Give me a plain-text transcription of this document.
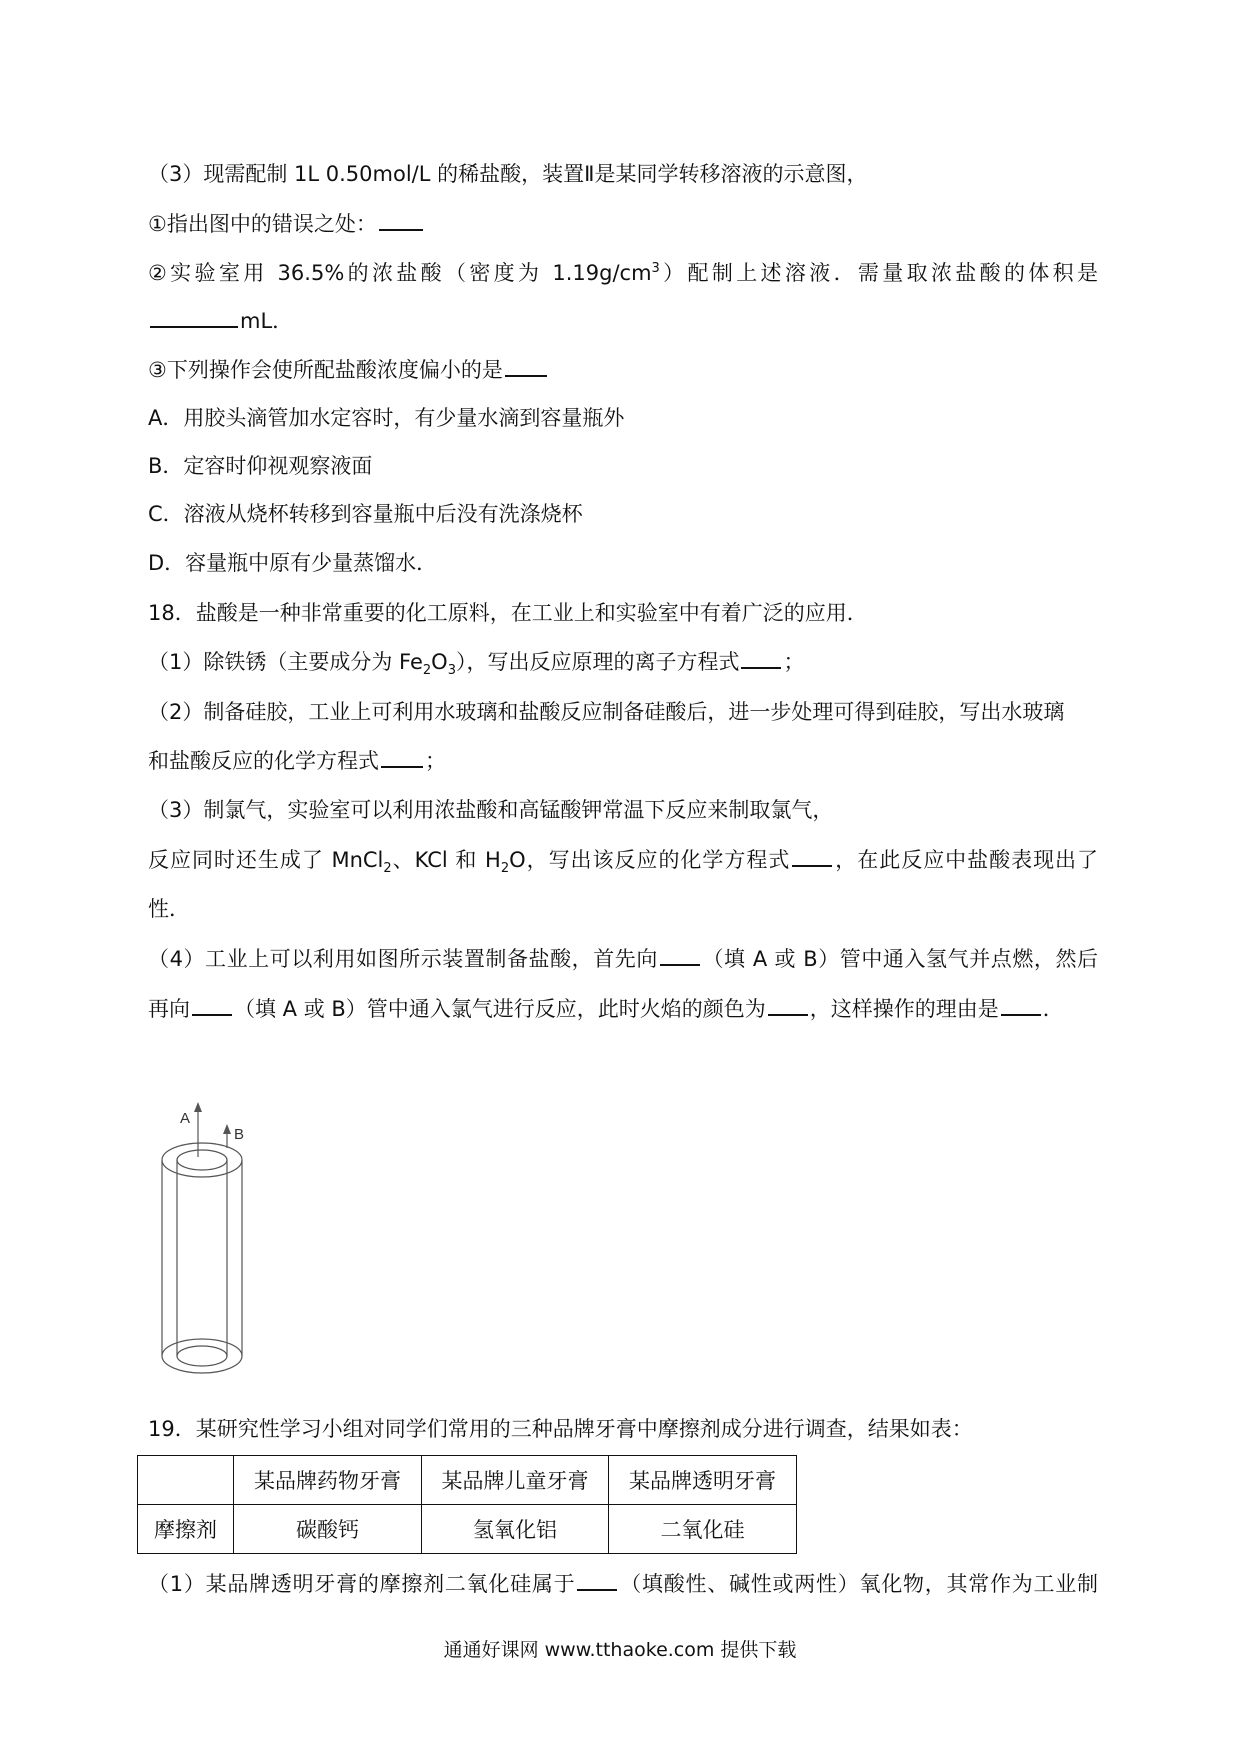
（3）现需配制 1L 0.50mol/L 的稀盐酸，装置Ⅱ是某同学转移溶液的示意图，
①指出图中的错误之处：
②实验室用 36.5%的浓盐酸（密度为 $1.19g/cm^3$）配制上述溶液．需量取浓盐酸的体积是
mL．
③下列操作会使所配盐酸浓度偏小的是
A．用胶头滴管加水定容时，有少量水滴到容量瓶外
B．定容时仰视观察液面
C．溶液从烧杯转移到容量瓶中后没有洗涤烧杯
D．容量瓶中原有少量蒸馏水．
18．盐酸是一种非常重要的化工原料，在工业上和实验室中有着广泛的应用．
（1）除铁锈（主要成分为 $Fe_2O_3$），写出反应原理的离子方程式 ；
（2）制备硅胶，工业上可利用水玻璃和盐酸反应制备硅酸后，进一步处理可得到硅胶，写出水玻璃
和盐酸反应的化学方程式 ；
（3）制氯气，实验室可以利用浓盐酸和高锰酸钾常温下反应来制取氯气，
反应同时还生成了 MnCl$_2$、KCl 和 $H_2O$，写出该反应的化学方程式 ，在此反应中盐酸表现出了
性．
（4）工业上可以利用如图所示装置制备盐酸，首先向 （填 A 或 B）管中通入氢气并点燃，然后
再向 （填 A 或 B）管中通入氯气进行反应，此时火焰的颜色为 ，这样操作的理由是 ．
A
B
19．某研究性学习小组对同学们常用的三种品牌牙膏中摩擦剂成分进行调查，结果如表：
	某品牌药物牙膏	某品牌儿童牙膏	某品牌透明牙膏
摩擦剂	碳酸钙	氢氧化铝	二氧化硅
（1）某品牌透明牙膏的摩擦剂二氧化硅属于 （填酸性、碱性或两性）氧化物，其常作为工业制
通通好课网 www.tthaoke.com 提供下载
